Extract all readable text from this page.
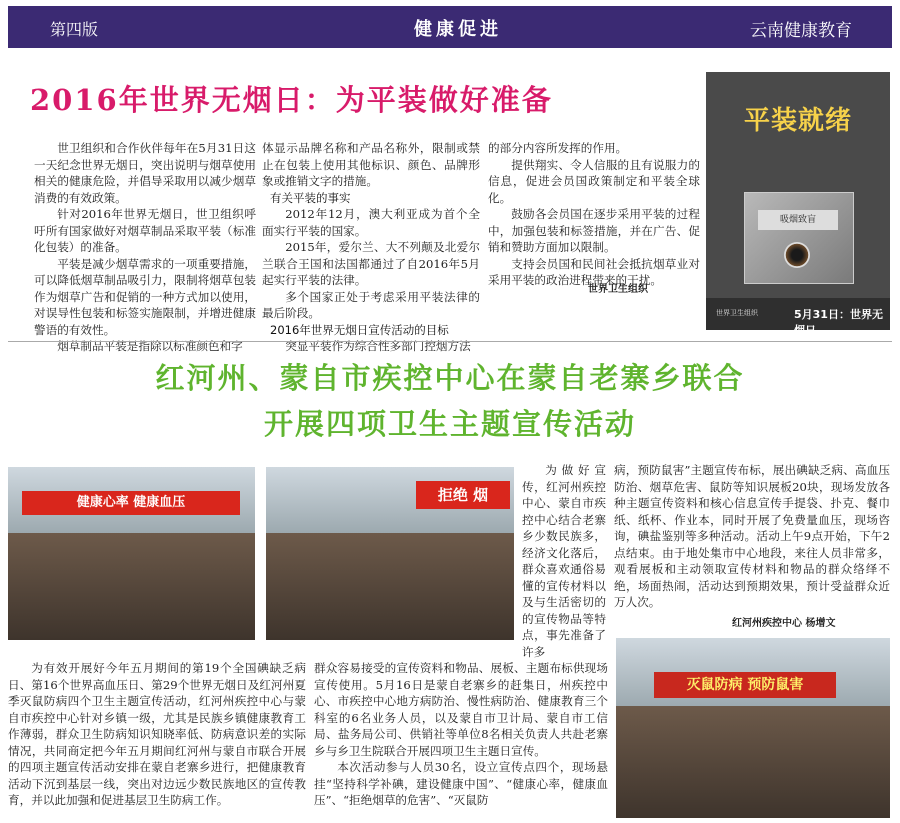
第四版	健康促进	云南健康教育
2016年世界无烟日：为平装做好准备

世卫组织和合作伙伴每年在5月31日这一天纪念世界无烟日，突出说明与烟草使用相关的健康危险，并倡导采取用以减少烟草消费的有效政策。

针对2016年世界无烟日，世卫组织呼吁所有国家做好对烟草制品采取平装（标准化包装）的准备。

平装是减少烟草需求的一项重要措施，可以降低烟草制品吸引力，限制将烟草包装作为烟草广告和促销的一种方式加以使用，对误导性包装和标签实施限制，并增进健康警语的有效性。

烟草制品平装是指除以标准颜色和字

体显示品牌名称和产品名称外，限制或禁止在包装上使用其他标识、颜色、品牌形象或推销文字的措施。

有关平装的事实

2012年12月，澳大利亚成为首个全面实行平装的国家。

2015年，爱尔兰、大不列颠及北爱尔兰联合王国和法国都通过了自2016年5月起实行平装的法律。

多个国家正处于考虑采用平装法律的最后阶段。

2016年世界无烟日宣传活动的目标

突显平装作为综合性多部门控烟方法

的部分内容所发挥的作用。

提供翔实、令人信服的且有说服力的信息，促进会员国政策制定和平装全球化。

鼓励各会员国在逐步采用平装的过程中，加强包装和标签措施，并在广告、促销和赞助方面加以限制。

支持会员国和民间社会抵抗烟草业对采用平装的政治进程带来的干扰。

世界卫生组织
平装就绪
吸烟致盲
世界卫生组织	5月31日：世界无烟日
红河州、蒙自市疾控中心在蒙自老寨乡联合
开展四项卫生主题宣传活动
健康心率 健康血压	拒绝 烟

为做好宣传，红河州疾控中心、蒙自市疾控中心结合老寨乡少数民族多，经济文化落后，群众喜欢通俗易懂的宣传材料以及与生活密切的的宣传物品等特点，事先准备了许多

病，预防鼠害”主题宣传布标，展出碘缺乏病、高血压防治、烟草危害、鼠防等知识展板20块，现场发放各种主题宣传资料和核心信息宣传手提袋、扑克、餐巾纸、纸杯、作业本，同时开展了免费量血压，现场咨询，碘盐鉴别等多种活动。活动上午9点开始，下午2点结束。由于地处集市中心地段，来往人员非常多，观看展板和主动领取宣传材料和物品的群众络绎不绝，场面热闹，活动达到预期效果，预计受益群众近万人次。

红河州疾控中心 杨增文
灭鼠防病 预防鼠害

为有效开展好今年五月期间的第19个全国碘缺乏病日、第16个世界高血压日、第29个世界无烟日及红河州夏季灭鼠防病四个卫生主题宣传活动，红河州疾控中心与蒙自市疾控中心针对乡镇一级，尤其是民族乡镇健康教育工作薄弱，群众卫生防病知识知晓率低、防病意识差的实际情况，共同商定把今年五月期间红河州与蒙自市联合开展的四项主题宣传活动安排在蒙自老寨乡进行，把健康教育活动下沉到基层一线，突出对边远少数民族地区的宣传教育，并以此加强和促进基层卫生防病工作。

群众容易接受的宣传资料和物品、展板、主题布标供现场宣传使用。5月16日是蒙自老寨乡的赶集日，州疾控中心、市疾控中心地方病防治、慢性病防治、健康教育三个科室的6名业务人员，以及蒙自市卫计局、蒙自市工信局、盐务局公司、供销社等单位8名相关负责人共赴老寨乡与乡卫生院联合开展四项卫生主题日宣传。

本次活动参与人员30名，设立宣传点四个，现场悬挂“坚持科学补碘，建设健康中国”、“健康心率，健康血压”、“拒绝烟草的危害”、“灭鼠防
